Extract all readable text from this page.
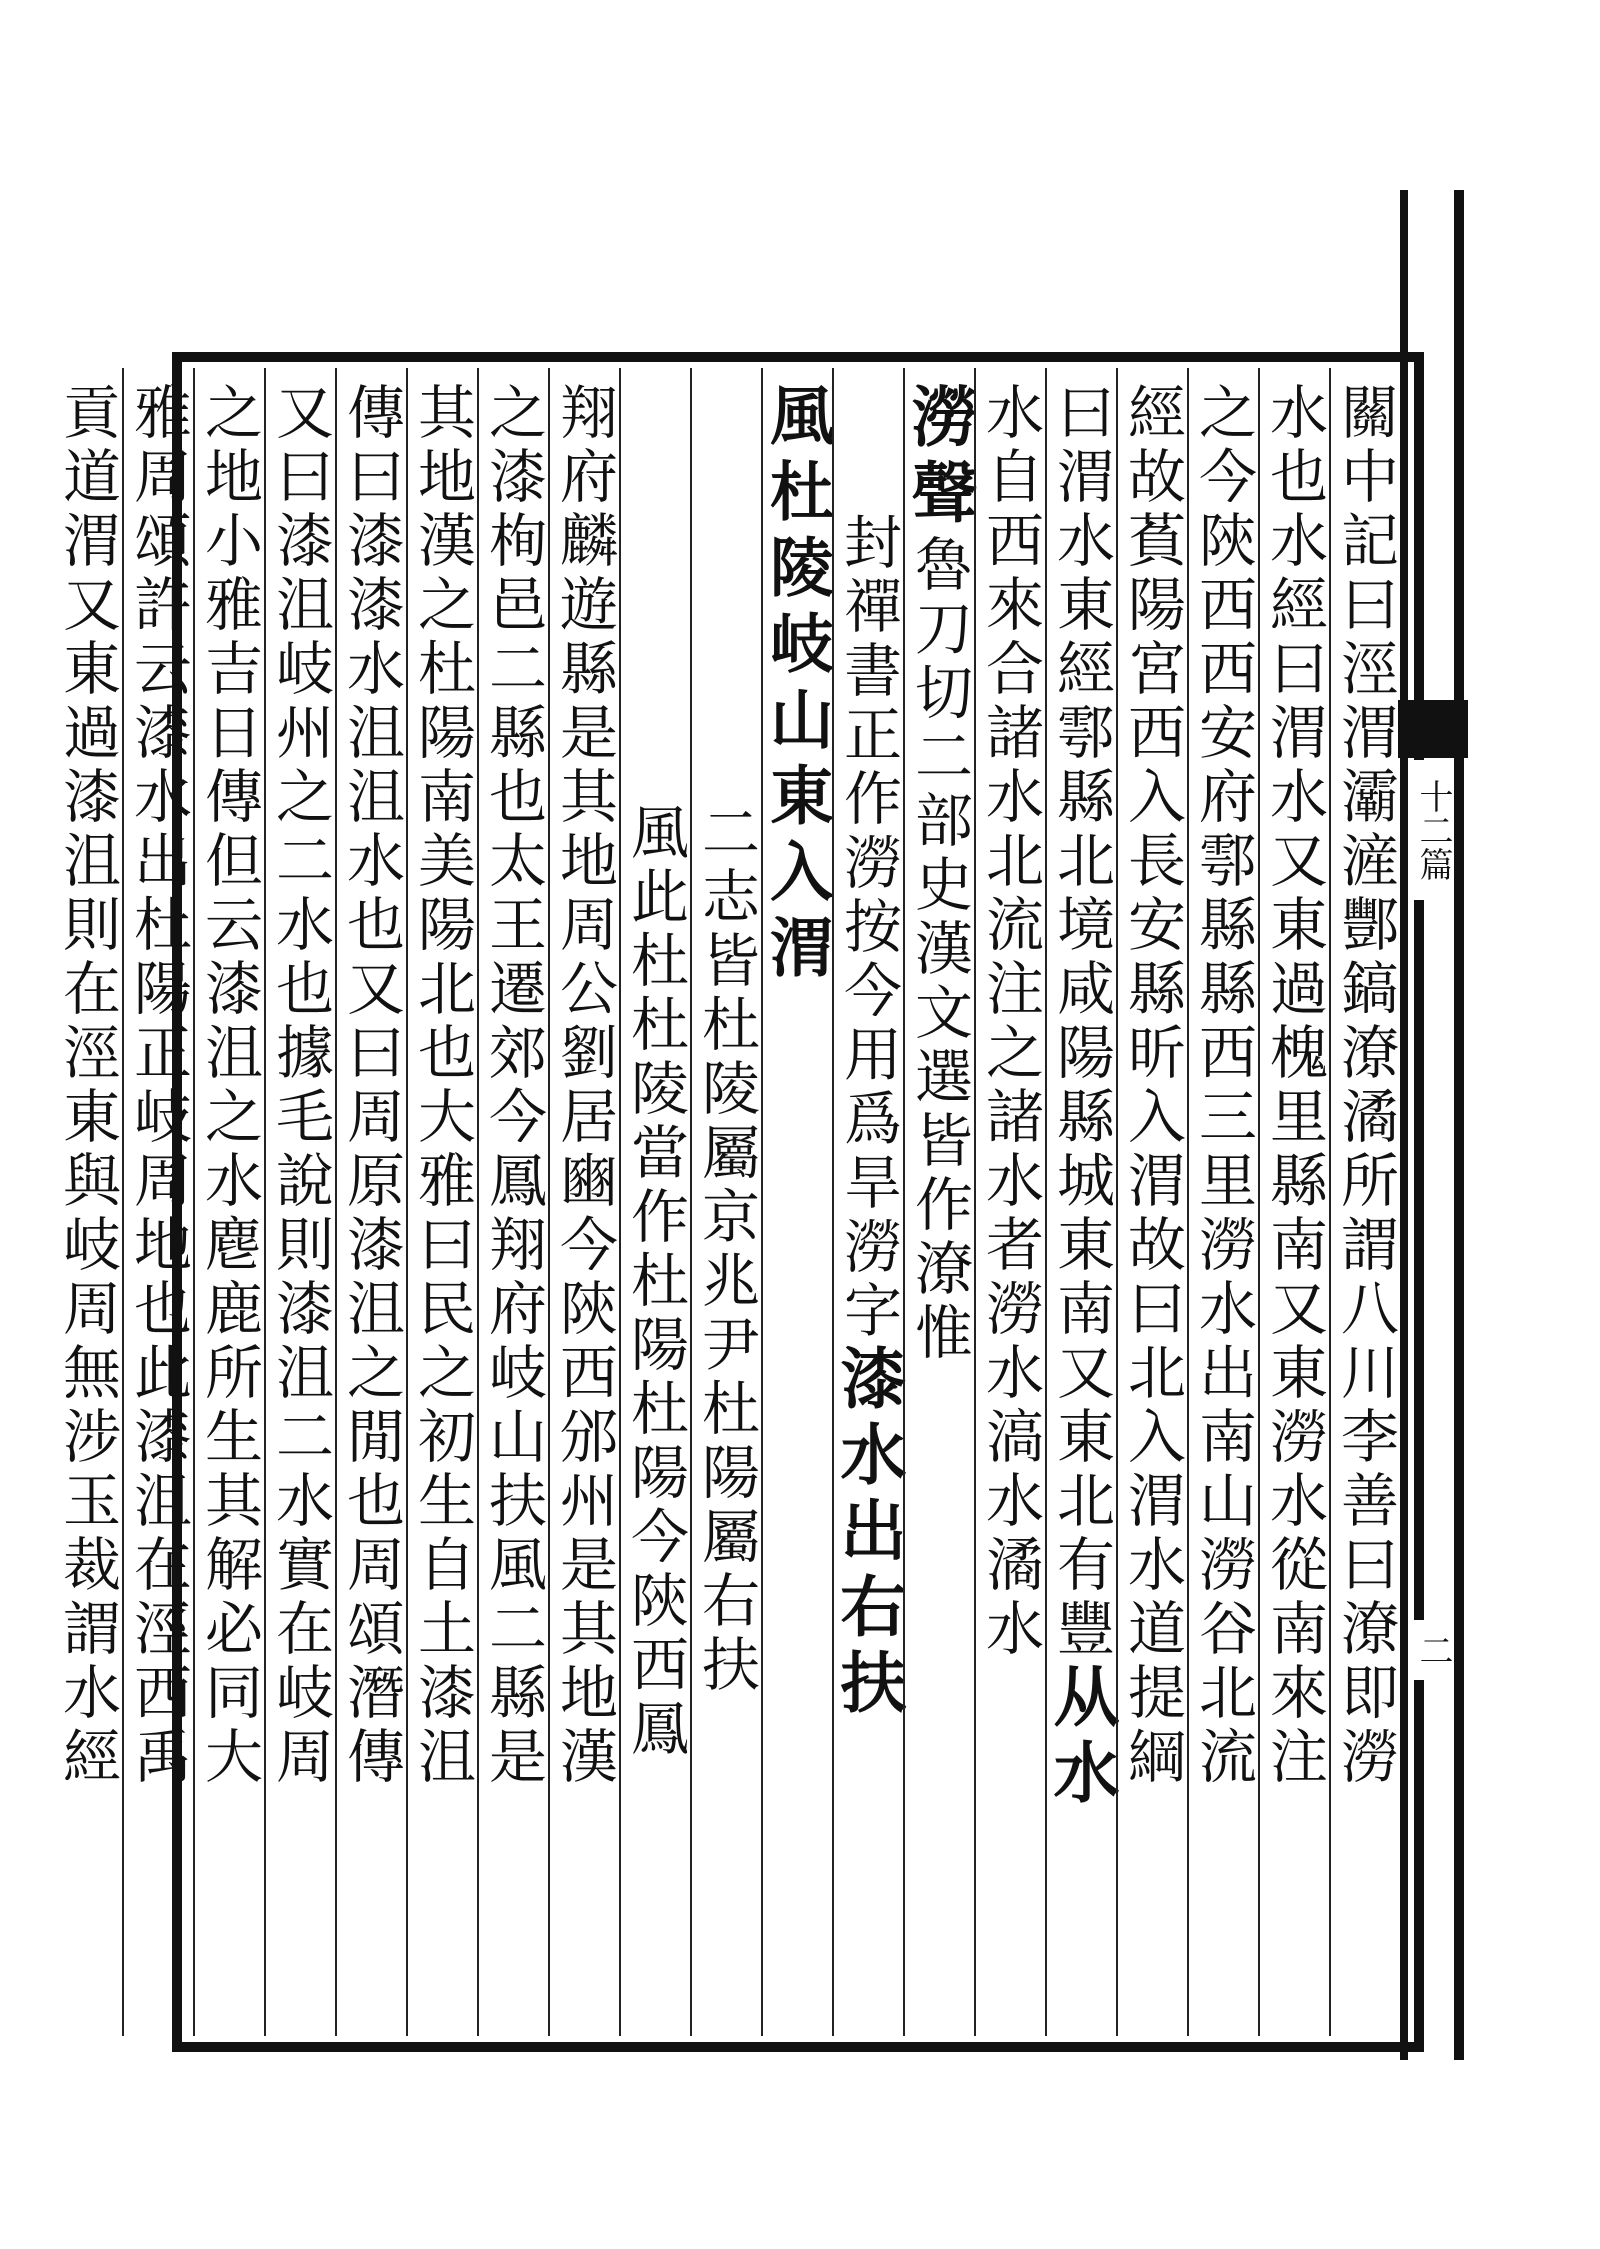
十二篇
二
關中記曰涇渭灞滻酆鎬潦潏所謂八川李善曰潦即澇
水也水經曰渭水又東過槐里縣南又東澇水從南來注
之今陝西西安府鄠縣縣西三里澇水出南山澇谷北流
經故萯陽宮西入長安縣昕入渭故曰北入渭水道提綱
曰渭水東經鄠縣北境咸陽縣城東南又東北有豐从水
水自西來合諸水北流注之諸水者澇水滈水潏水
澇聲魯刀切二部史漢文選皆作潦惟
封禪書正作澇按今用爲旱澇字漆水出右扶
風杜陵岐山東入渭
二志皆杜陵屬京兆尹杜陽屬右扶
風此杜杜陵當作杜陽杜陽今陝西鳳
翔府麟遊縣是其地周公劉居豳今陝西邠州是其地漢
之漆栒邑二縣也太王遷郊今鳳翔府岐山扶風二縣是
其地漢之杜陽南美陽北也大雅曰民之初生自土漆沮
傳曰漆漆水沮沮水也又曰周原漆沮之閒也周頌潛傳
又曰漆沮岐州之二水也據毛說則漆沮二水實在岐周
之地小雅吉日傳但云漆沮之水麀鹿所生其解必同大
雅周頌許云漆水出杜陽正岐周地也此漆沮在涇西禹
貢道渭又東過漆沮則在涇東與岐周無涉玉裁謂水經
